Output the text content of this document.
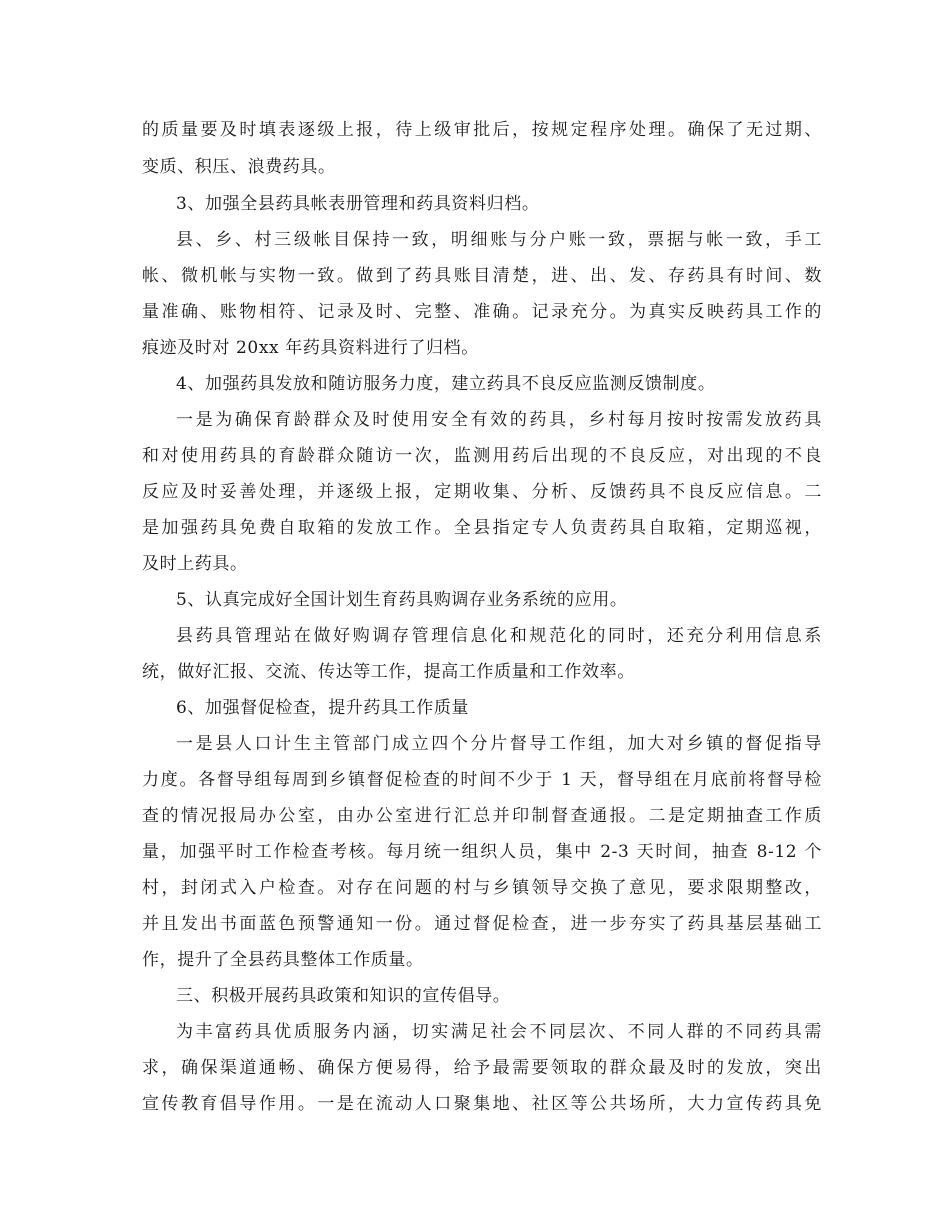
的质量要及时填表逐级上报，待上级审批后，按规定程序处理。确保了无过期、
变质、积压、浪费药具。
3、加强全县药具帐表册管理和药具资料归档。
县、乡、村三级帐目保持一致，明细账与分户账一致，票据与帐一致，手工
帐、微机帐与实物一致。做到了药具账目清楚，进、出、发、存药具有时间、数
量准确、账物相符、记录及时、完整、准确。记录充分。为真实反映药具工作的
痕迹及时对 20xx 年药具资料进行了归档。
4、加强药具发放和随访服务力度，建立药具不良反应监测反馈制度。
一是为确保育龄群众及时使用安全有效的药具，乡村每月按时按需发放药具
和对使用药具的育龄群众随访一次，监测用药后出现的不良反应，对出现的不良
反应及时妥善处理，并逐级上报，定期收集、分析、反馈药具不良反应信息。二
是加强药具免费自取箱的发放工作。全县指定专人负责药具自取箱，定期巡视，
及时上药具。
5、认真完成好全国计划生育药具购调存业务系统的应用。
县药具管理站在做好购调存管理信息化和规范化的同时，还充分利用信息系
统，做好汇报、交流、传达等工作，提高工作质量和工作效率。
6、加强督促检查，提升药具工作质量
一是县人口计生主管部门成立四个分片督导工作组，加大对乡镇的督促指导
力度。各督导组每周到乡镇督促检查的时间不少于 1 天，督导组在月底前将督导检
查的情况报局办公室，由办公室进行汇总并印制督查通报。二是定期抽查工作质
量，加强平时工作检查考核。每月统一组织人员，集中 2-3 天时间，抽查 8-12 个
村，封闭式入户检查。对存在问题的村与乡镇领导交换了意见，要求限期整改，
并且发出书面蓝色预警通知一份。通过督促检查，进一步夯实了药具基层基础工
作，提升了全县药具整体工作质量。
三、积极开展药具政策和知识的宣传倡导。
为丰富药具优质服务内涵，切实满足社会不同层次、不同人群的不同药具需
求，确保渠道通畅、确保方便易得，给予最需要领取的群众最及时的发放，突出
宣传教育倡导作用。一是在流动人口聚集地、社区等公共场所，大力宣传药具免
